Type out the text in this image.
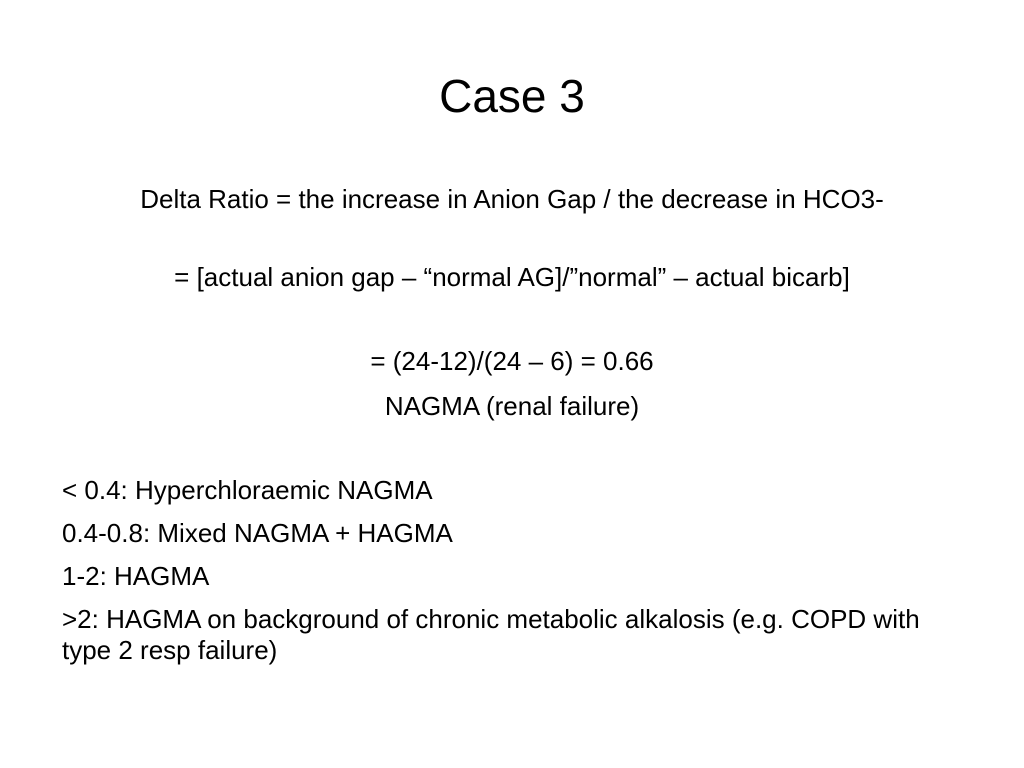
Case 3
Delta Ratio = the increase in Anion Gap / the decrease in HCO3-
= [actual anion gap – “normal AG]/”normal” – actual bicarb]
= (24-12)/(24 – 6) = 0.66
NAGMA (renal failure)
< 0.4: Hyperchloraemic NAGMA
0.4-0.8: Mixed NAGMA + HAGMA
1-2: HAGMA
>2: HAGMA on background of chronic metabolic alkalosis (e.g. COPD with type 2 resp failure)
